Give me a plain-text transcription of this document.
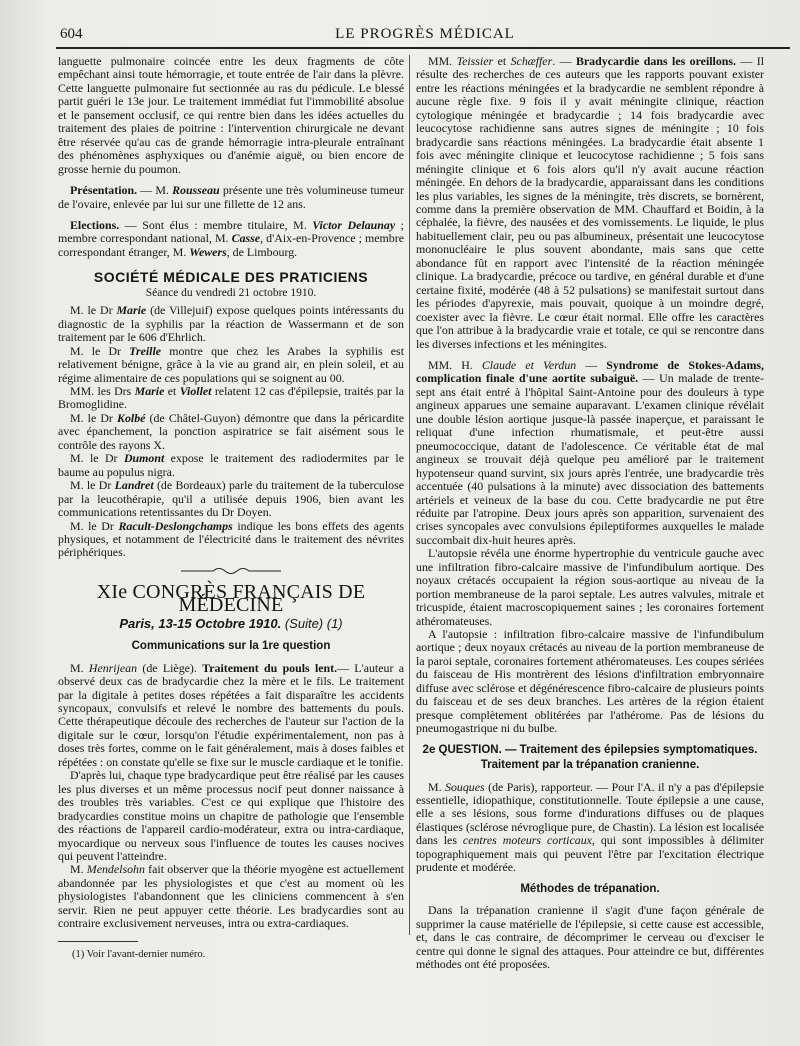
604	LE PROGRÈS MÉDICAL

languette pulmonaire coincée entre les deux fragments de côte empêchant ainsi toute hémorragie, et toute entrée de l'air dans la plèvre. Cette languette pulmonaire fut sectionnée au ras du pédicule. Le blessé partit guéri le 13e jour. Le traitement immédiat fut l'immobilité absolue et le pansement occlusif, ce qui rentre bien dans les idées actuelles du traitement des plaies de poitrine : l'intervention chirurgicale ne devant être réservée qu'au cas de grande hémorragie intra-pleurale entraînant des phénomènes asphyxiques ou d'anémie aiguë, ou bien encore de grosse hernie du poumon.

Présentation. — M. Rousseau présente une très volumineuse tumeur de l'ovaire, enlevée par lui sur une fillette de 12 ans.

Elections. — Sont élus : membre titulaire, M. Victor Delaunay ; membre correspondant national, M. Casse, d'Aix-en-Provence ; membre correspondant étranger, M. Wewers, de Limbourg.

SOCIÉTÉ MÉDICALE DES PRATICIENS
Séance du vendredi 21 octobre 1910.

M. le Dr Marie (de Villejuif) expose quelques points intéressants du diagnostic de la syphilis par la réaction de Wassermann et de son traitement par le 606 d'Ehrlich.

M. le Dr Treille montre que chez les Arabes la syphilis est relativement bénigne, grâce à la vie au grand air, en plein soleil, et au régime alimentaire de ces populations qui se soignent au 00.

MM. les Drs Marie et Viollet relatent 12 cas d'épilepsie, traités par la Bromoglidine.

M. le Dr Kolbé (de Châtel-Guyon) démontre que dans la péricardite avec épanchement, la ponction aspiratrice se fait aisément sous le contrôle des rayons X.

M. le Dr Dumont expose le traitement des radiodermites par le baume au populus nigra.

M. le Dr Landret (de Bordeaux) parle du traitement de la tuberculose par la leucothérapie, qu'il a utilisée depuis 1906, bien avant les communications retentissantes du Dr Doyen.

M. le Dr Racult-Deslongchamps indique les bons effets des agents physiques, et notamment de l'électricité dans le traitement des névrites périphériques.

XIe CONGRÈS FRANÇAIS DE MÉDECINE
Paris, 13-15 Octobre 1910. (Suite) (1)
Communications sur la 1re question

M. Henrijean (de Liège). Traitement du pouls lent.— L'auteur a observé deux cas de bradycardie chez la mère et le fils. Le traitement par la digitale à petites doses répétées a fait disparaître les accidents syncopaux, convulsifs et relevé le nombre des battements du pouls. Cette thérapeutique découle des recherches de l'auteur sur l'action de la digitale sur le cœur, lorsqu'on l'étudie expérimentalement, non pas à doses très fortes, comme on le fait généralement, mais à doses faibles et répétées : on constate qu'elle se fixe sur le muscle cardiaque et le tonifie.

D'après lui, chaque type bradycardique peut être réalisé par les causes les plus diverses et un même processus nocif peut donner naissance à des troubles très variables. C'est ce qui explique que l'histoire des bradycardies constitue moins un chapitre de pathologie que l'ensemble des réactions de l'appareil cardio-modérateur, extra ou intra-cardiaque, myocardique ou nerveux sous l'influence de toutes les causes nocives qui peuvent l'atteindre.

M. Mendelsohn fait observer que la théorie myogène est actuellement abandonnée par les physiologistes et que c'est au moment où les physiologistes l'abandonnent que les cliniciens commencent à s'en servir. Rien ne peut appuyer cette théorie. Les bradycardies sont au contraire exclusivement nerveuses, intra ou extra-cardiaques.

(1) Voir l'avant-dernier numéro.

MM. Teissier et Schæffer. — Bradycardie dans les oreillons. — Il résulte des recherches de ces auteurs que les rapports pouvant exister entre les réactions méningées et la bradycardie ne semblent répondre à aucune règle fixe. 9 fois il y avait méningite clinique, réaction cytologique méningée et bradycardie ; 14 fois bradycardie avec leucocytose rachidienne sans autres signes de méningite ; 10 fois bradycardie sans réactions méningées. La bradycardie était absente 1 fois avec méningite clinique et leucocytose rachidienne ; 5 fois sans méningite clinique et 6 fois alors qu'il n'y avait aucune réaction méningée. En dehors de la bradycardie, apparaissant dans les conditions les plus variables, les signes de la méningite, très discrets, se bornèrent, comme dans la première observation de MM. Chauffard et Boidin, à la céphalée, la fièvre, des nausées et des vomissements. Le liquide, le plus habituellement clair, peu ou pas albumineux, présentait une leucocytose mononucléaire le plus souvent abondante, mais sans que cette abondance fût en rapport avec l'intensité de la réaction méningée clinique. La bradycardie, précoce ou tardive, en général durable et d'une certaine fixité, modérée (48 à 52 pulsations) se manifestait surtout dans les périodes d'apyrexie, mais pouvait, quoique à un moindre degré, coexister avec la fièvre. Le cœur était normal. Elle offre les caractères que l'on attribue à la bradycardie vraie et totale, ce qui se rencontre dans les diverses infections et les méningites.

MM. H. Claude et Verdun — Syndrome de Stokes-Adams, complication finale d'une aortite subaiguë. — Un malade de trente-sept ans était entré à l'hôpital Saint-Antoine pour des douleurs à type angineux apparues une semaine auparavant. L'examen clinique révélait une double lésion aortique jusque-là passée inaperçue, et paraissant le reliquat d'une infection rhumatismale, et peut-être aussi pneumococcique, datant de l'adolescence. Ce véritable état de mal angineux se trouvait déjà quelque peu amélioré par le traitement hypotenseur quand survint, six jours après l'entrée, une bradycardie très accentuée (40 pulsations à la minute) avec dissociation des battements artériels et veineux de la base du cou. Cette bradycardie ne put être réduite par l'atropine. Deux jours après son apparition, survenaient des crises syncopales avec convulsions épileptiformes auxquelles le malade succombait dix-huit heures après.

L'autopsie révéla une énorme hypertrophie du ventricule gauche avec une infiltration fibro-calcaire massive de l'infundibulum aortique. Des noyaux crétacés occupaient la région sous-aortique au niveau de la portion membraneuse de la paroi septale. Les autres valvules, mitrale et tricuspide, étaient macroscopiquement saines ; les coronaires fortement athéromateuses.

A l'autopsie : infiltration fibro-calcaire massive de l'infundibulum aortique ; deux noyaux crétacés au niveau de la portion membraneuse de la paroi septale, coronaires fortement athéromateuses. Les coupes sériées du faisceau de His montrèrent des lésions d'infiltration embryonnaire diffuse avec sclérose et dégénérescence fibro-calcaire de plusieurs points du faisceau et de ses deux branches. Les artères de la région étaient presque complètement oblitérées par l'athérome. Pas de lésions du pneumogastrique ni du bulbe.

2e QUESTION. — Traitement des épilepsies symptomatiques.
Traitement par la trépanation cranienne.

M. Souques (de Paris), rapporteur. — Pour l'A. il n'y a pas d'épilepsie essentielle, idiopathique, constitutionnelle. Toute épilepsie a une cause, elle a ses lésions, sous forme d'indurations diffuses ou de plaques élastiques (sclérose névroglique pure, de Chastin). La lésion est localisée dans les centres moteurs corticaux, qui sont impossibles à délimiter topographiquement mais qui peuvent l'être par l'excitation électrique prudente et modérée.

Méthodes de trépanation.

Dans la trépanation cranienne il s'agit d'une façon générale de supprimer la cause matérielle de l'épilepsie, si cette cause est accessible, et, dans le cas contraire, de décomprimer le cerveau ou d'exciser le centre qui donne le signal des attaques. Pour atteindre ce but, différentes méthodes ont été proposées.
